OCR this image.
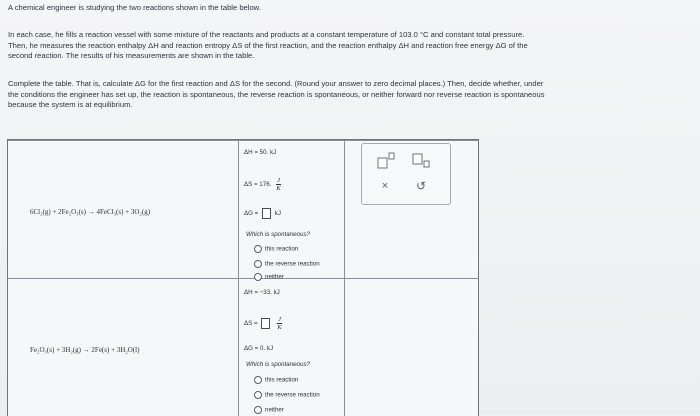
A chemical engineer is studying the two reactions shown in the table below.
In each case, he fills a reaction vessel with some mixture of the reactants and products at a constant temperature of 103.0 °C and constant total pressure.
Then, he measures the reaction enthalpy ΔH and reaction entropy ΔS of the first reaction, and the reaction enthalpy ΔH and reaction free energy ΔG of the
second reaction. The results of his measurements are shown in the table.
Complete the table. That is, calculate ΔG for the first reaction and ΔS for the second. (Round your answer to zero decimal places.) Then, decide whether, under
the conditions the engineer has set up, the reaction is spontaneous, the reverse reaction is spontaneous, or neither forward nor reverse reaction is spontaneous
because the system is at equilibrium.
6Cl₂(g) + 2Fe₂O₃(s) → 4FeCl₃(s) + 3O₂(g)
ΔH = 50. kJ
ΔS = 176. $\frac{J}{K}$
ΔG =	kJ
Which is spontaneous?
this reaction
the reverse reaction
neither
Fe₂O₃(s) + 3H₂(g) → 2Fe(s) + 3H₂O(l)
ΔH = −33. kJ
ΔS =	$\frac{J}{K}$
ΔG = 0. kJ
Which is spontaneous?
this reaction
the reverse reaction
neither
×	↺
